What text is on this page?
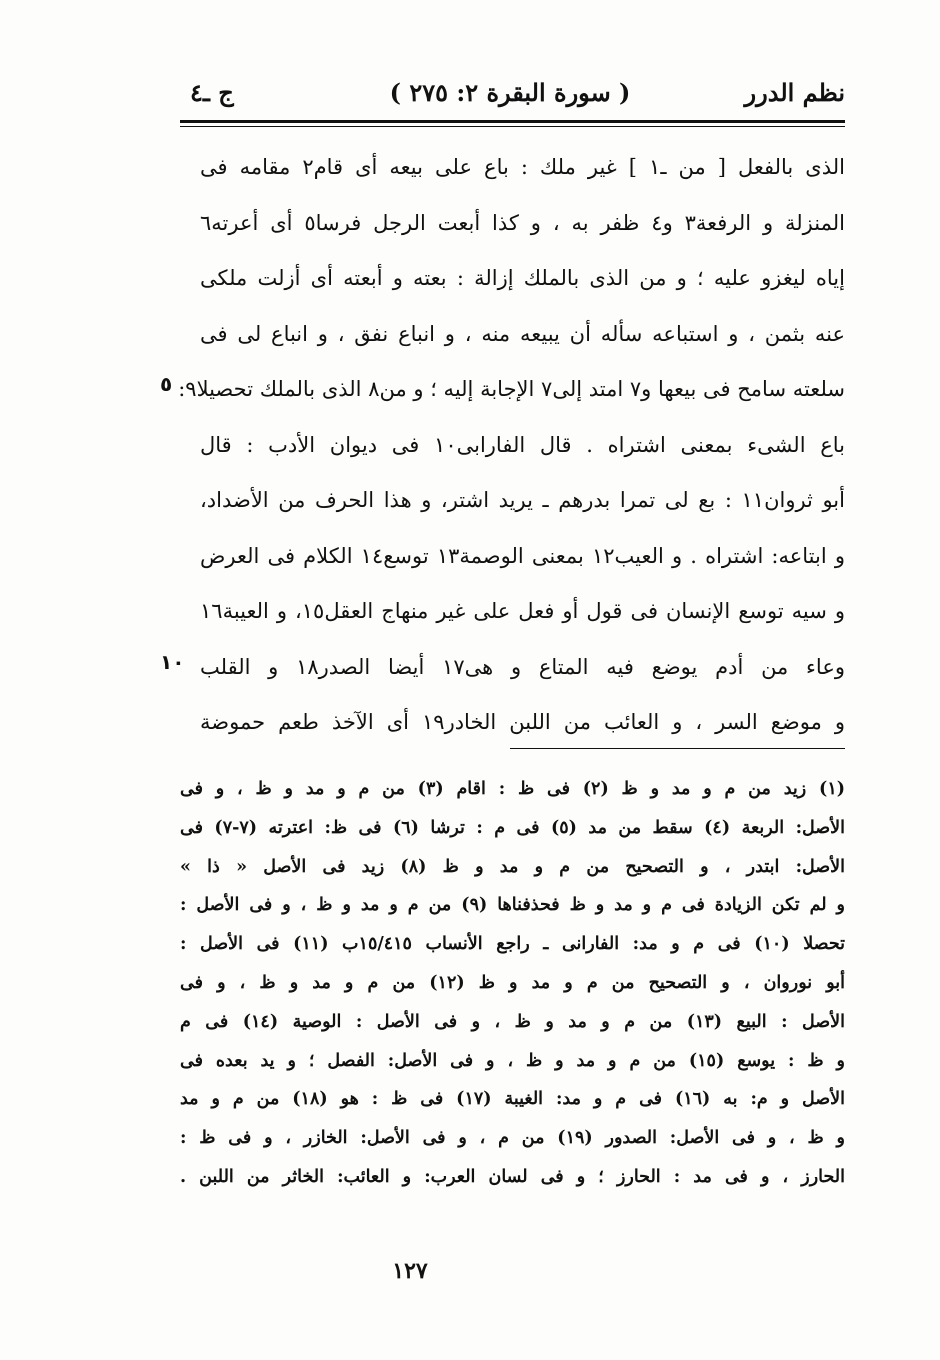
نظم الدرر
( سورة البقرة ٢: ٢٧٥ )
ج ـ٤
الذى بالفعل [ من ـ١ ] غير ملك : باع على بيعه أى قام٢ مقامه فى
المنزلة و الرفعة٣ و٤ ظفر به ، و كذا أبعت الرجل فرسا٥ أى أعرته٦
إياه ليغزو عليه ؛ و من الذى بالملك إزالة : بعته و أبعته أى أزلت ملكى
عنه بثمن ، و استباعه سأله أن يبيعه منه ، و انباع نفق ، و انباع لى فى
سلعته سامح فى بيعها و٧ امتد إلى٧ الإجابة إليه ؛ و من٨ الذى بالملك تحصيلا٩:
باع الشىء بمعنى اشتراه . قال الفارابى١٠ فى ديوان الأدب : قال
أبو ثروان١١ : بع لى تمرا بدرهم ـ يريد اشتر، و هذا الحرف من الأضداد،
و ابتاعه: اشتراه . و العيب١٢ بمعنى الوصمة١٣ توسع١٤ الكلام فى العرض
و سيه توسع الإنسان فى قول أو فعل على غير منهاج العقل١٥، و العيبة١٦
وعاء من أدم يوضع فيه المتاع و هى١٧ أيضا الصدر١٨ و القلب
و موضع السر ، و العائب من اللبن الخادر١٩ أى الآخذ طعم حموضة
٥
١٠
(١) زيد من م و مد و ظ (٢) فى ظ : اقام (٣) من م و مد و ظ ، و فى
الأصل: الربعة (٤) سقط من مد (٥) فى م : ترشا (٦) فى ظ: اعترته (٧-٧) فى
الأصل: ابتدر ، و التصحيح من م و مد و ظ (٨) زيد فى الأصل « ذا »
و لم تكن الزيادة فى م و مد و ظ فحذفناها (٩) من م و مد و ظ ، و فى الأصل :
تحصلا (١٠) فى م و مد: الفارانى ـ راجع الأنساب ١٥/٤١٥ب (١١) فى الأصل :
أبو نوروان ، و التصحيح من م و مد و ظ (١٢) من م و مد و ظ ، و فى
الأصل : البيع (١٣) من م و مد و ظ ، و فى الأصل : الوصية (١٤) فى م
و ظ : يوسع (١٥) من م و مد و ظ ، و فى الأصل: الفصل ؛ و يد بعده فى
الأصل و م: به (١٦) فى م و مد: الغيبة (١٧) فى ظ : هو (١٨) من م و مد
و ظ ، و فى الأصل: الصدور (١٩) من م ، و فى الأصل: الخازر ، و فى ظ :
الحارز ، و فى مد : الحارز ؛ و فى لسان العرب: و العائب: الخاثر من اللبن .
١٢٧
